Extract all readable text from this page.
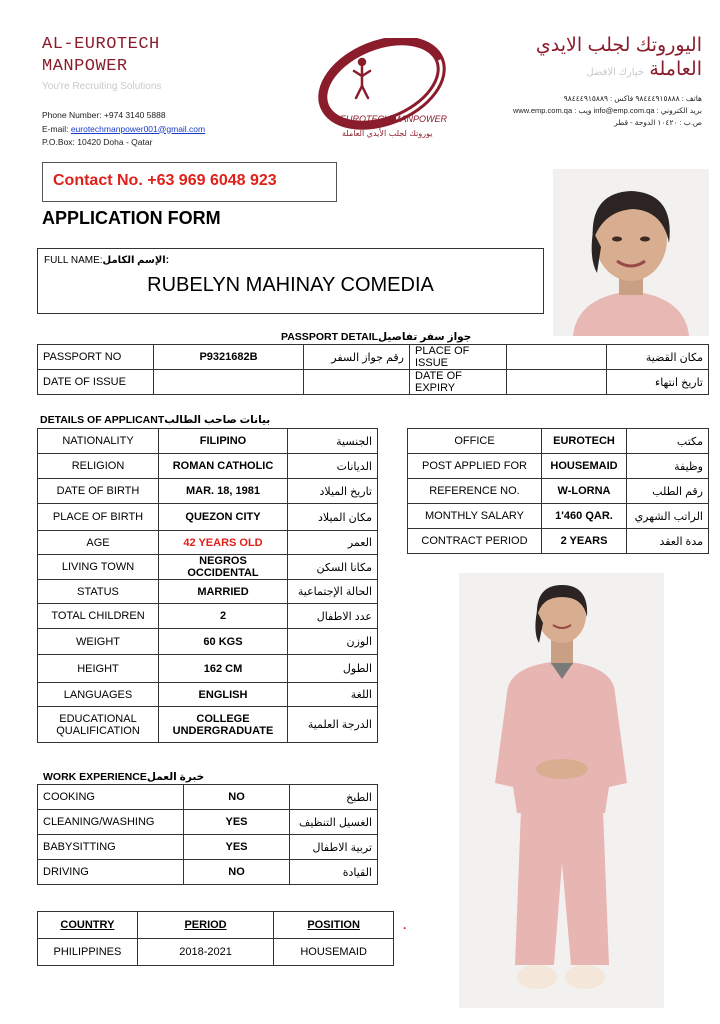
AL-EUROTECH
MANPOWER
You're Recruiting Solutions
Phone Number: +974 3140 5888
E-mail: eurotechmanpower001@gmail.com
P.O.Box: 10420 Doha - Qatar
EUROTECH MANPOWER
يوروتك لجلب الأيدي العاملة
اليوروتك لجلب الايدي
العاملة خيارك الافضل
هاتف : ٩٨٤٤٤٩١٥٨٨٨ فاكس : ٩٨٤٤٤٩١٥٨٨٩
بريد الكتروني : info@emp.com.qa ويب : www.emp.com.qa
ص.ب : ١٠٤٢٠ الدوحة - قطر
Contact No. +63 969 6048 923
APPLICATION FORM
FULL NAME:الإسم الكامل:
RUBELYN MAHINAY COMEDIA
PASSPORT DETAILجواز سفر تفاصيل
PASSPORT NO	P9321682B	رقم جواز السفر	PLACE OF ISSUE		مكان القضية
DATE OF ISSUE			DATE OF EXPIRY		تاريخ انتهاء
DETAILS OF APPLICANTبيانات صاحب الطالب
NATIONALITY	FILIPINO	الجنسية
RELIGION	ROMAN CATHOLIC	الديانات
DATE OF BIRTH	MAR. 18, 1981	تاريخ الميلاد
PLACE OF BIRTH	QUEZON CITY	مكان الميلاد
AGE	42 YEARS OLD	العمر
LIVING TOWN	NEGROS OCCIDENTAL	مكانا السكن
STATUS	MARRIED	الحالة الإجتماعية
TOTAL CHILDREN	2	عدد الاطفال
WEIGHT	60 KGS	الوزن
HEIGHT	162 CM	الطول
LANGUAGES	ENGLISH	اللغة
EDUCATIONAL QUALIFICATION	COLLEGE UNDERGRADUATE	الدرجة العلمية
OFFICE	EUROTECH	مكتب
POST APPLIED FOR	HOUSEMAID	وظيفة
REFERENCE NO.	W-LORNA	رقم الطلب
MONTHLY SALARY	1'460 QAR.	الراتب الشهري
CONTRACT PERIOD	2 YEARS	مدة العقد
WORK EXPERIENCEخبرة العمل
COOKING	NO	الطبخ
CLEANING/WASHING	YES	الغسيل التنظيف
BABYSITTING	YES	تربية الاطفال
DRIVING	NO	القيادة
COUNTRY	PERIOD	POSITION
PHILIPPINES	2018-2021	HOUSEMAID
.
